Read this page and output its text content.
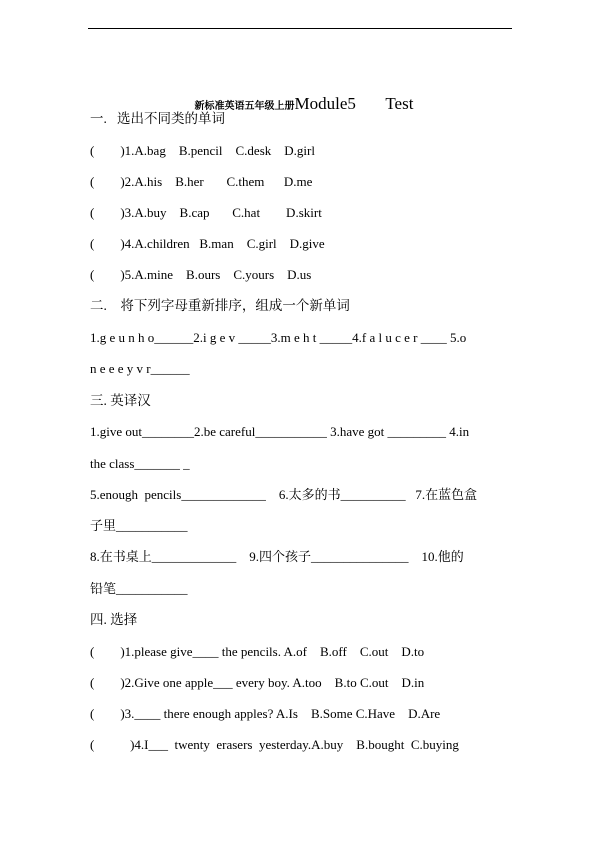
新标准英语五年级上册Module5       Test

一.   选出不同类的单词
(        )1.A.bag    B.pencil    C.desk    D.girl
(        )2.A.his    B.her       C.them      D.me
(        )3.A.buy    B.cap       C.hat        D.skirt
(        )4.A.children   B.man    C.girl    D.give
(        )5.A.mine    B.ours    C.yours    D.us
二.    将下列字母重新排序，组成一个新单词
1.g e u n h o______2.i g e v _____3.m e h t _____4.f a l u c e r ____ 5.o
n e e e y v r______
三. 英译汉
1.give out________2.be careful___________ 3.have got _________ 4.in
the class_______ _
5.enough  pencils_____________    6.太多的书__________   7.在蓝色盒
子里___________
8.在书桌上_____________    9.四个孩子_______________    10.他的
铅笔___________
四. 选择
(        )1.please give____ the pencils. A.of    B.off    C.out    D.to
(        )2.Give one apple___ every boy. A.too    B.to C.out    D.in
(        )3.____ there enough apples? A.Is    B.Some C.Have    D.Are
(           )4.I___  twenty  erasers  yesterday.A.buy    B.bought  C.buying
